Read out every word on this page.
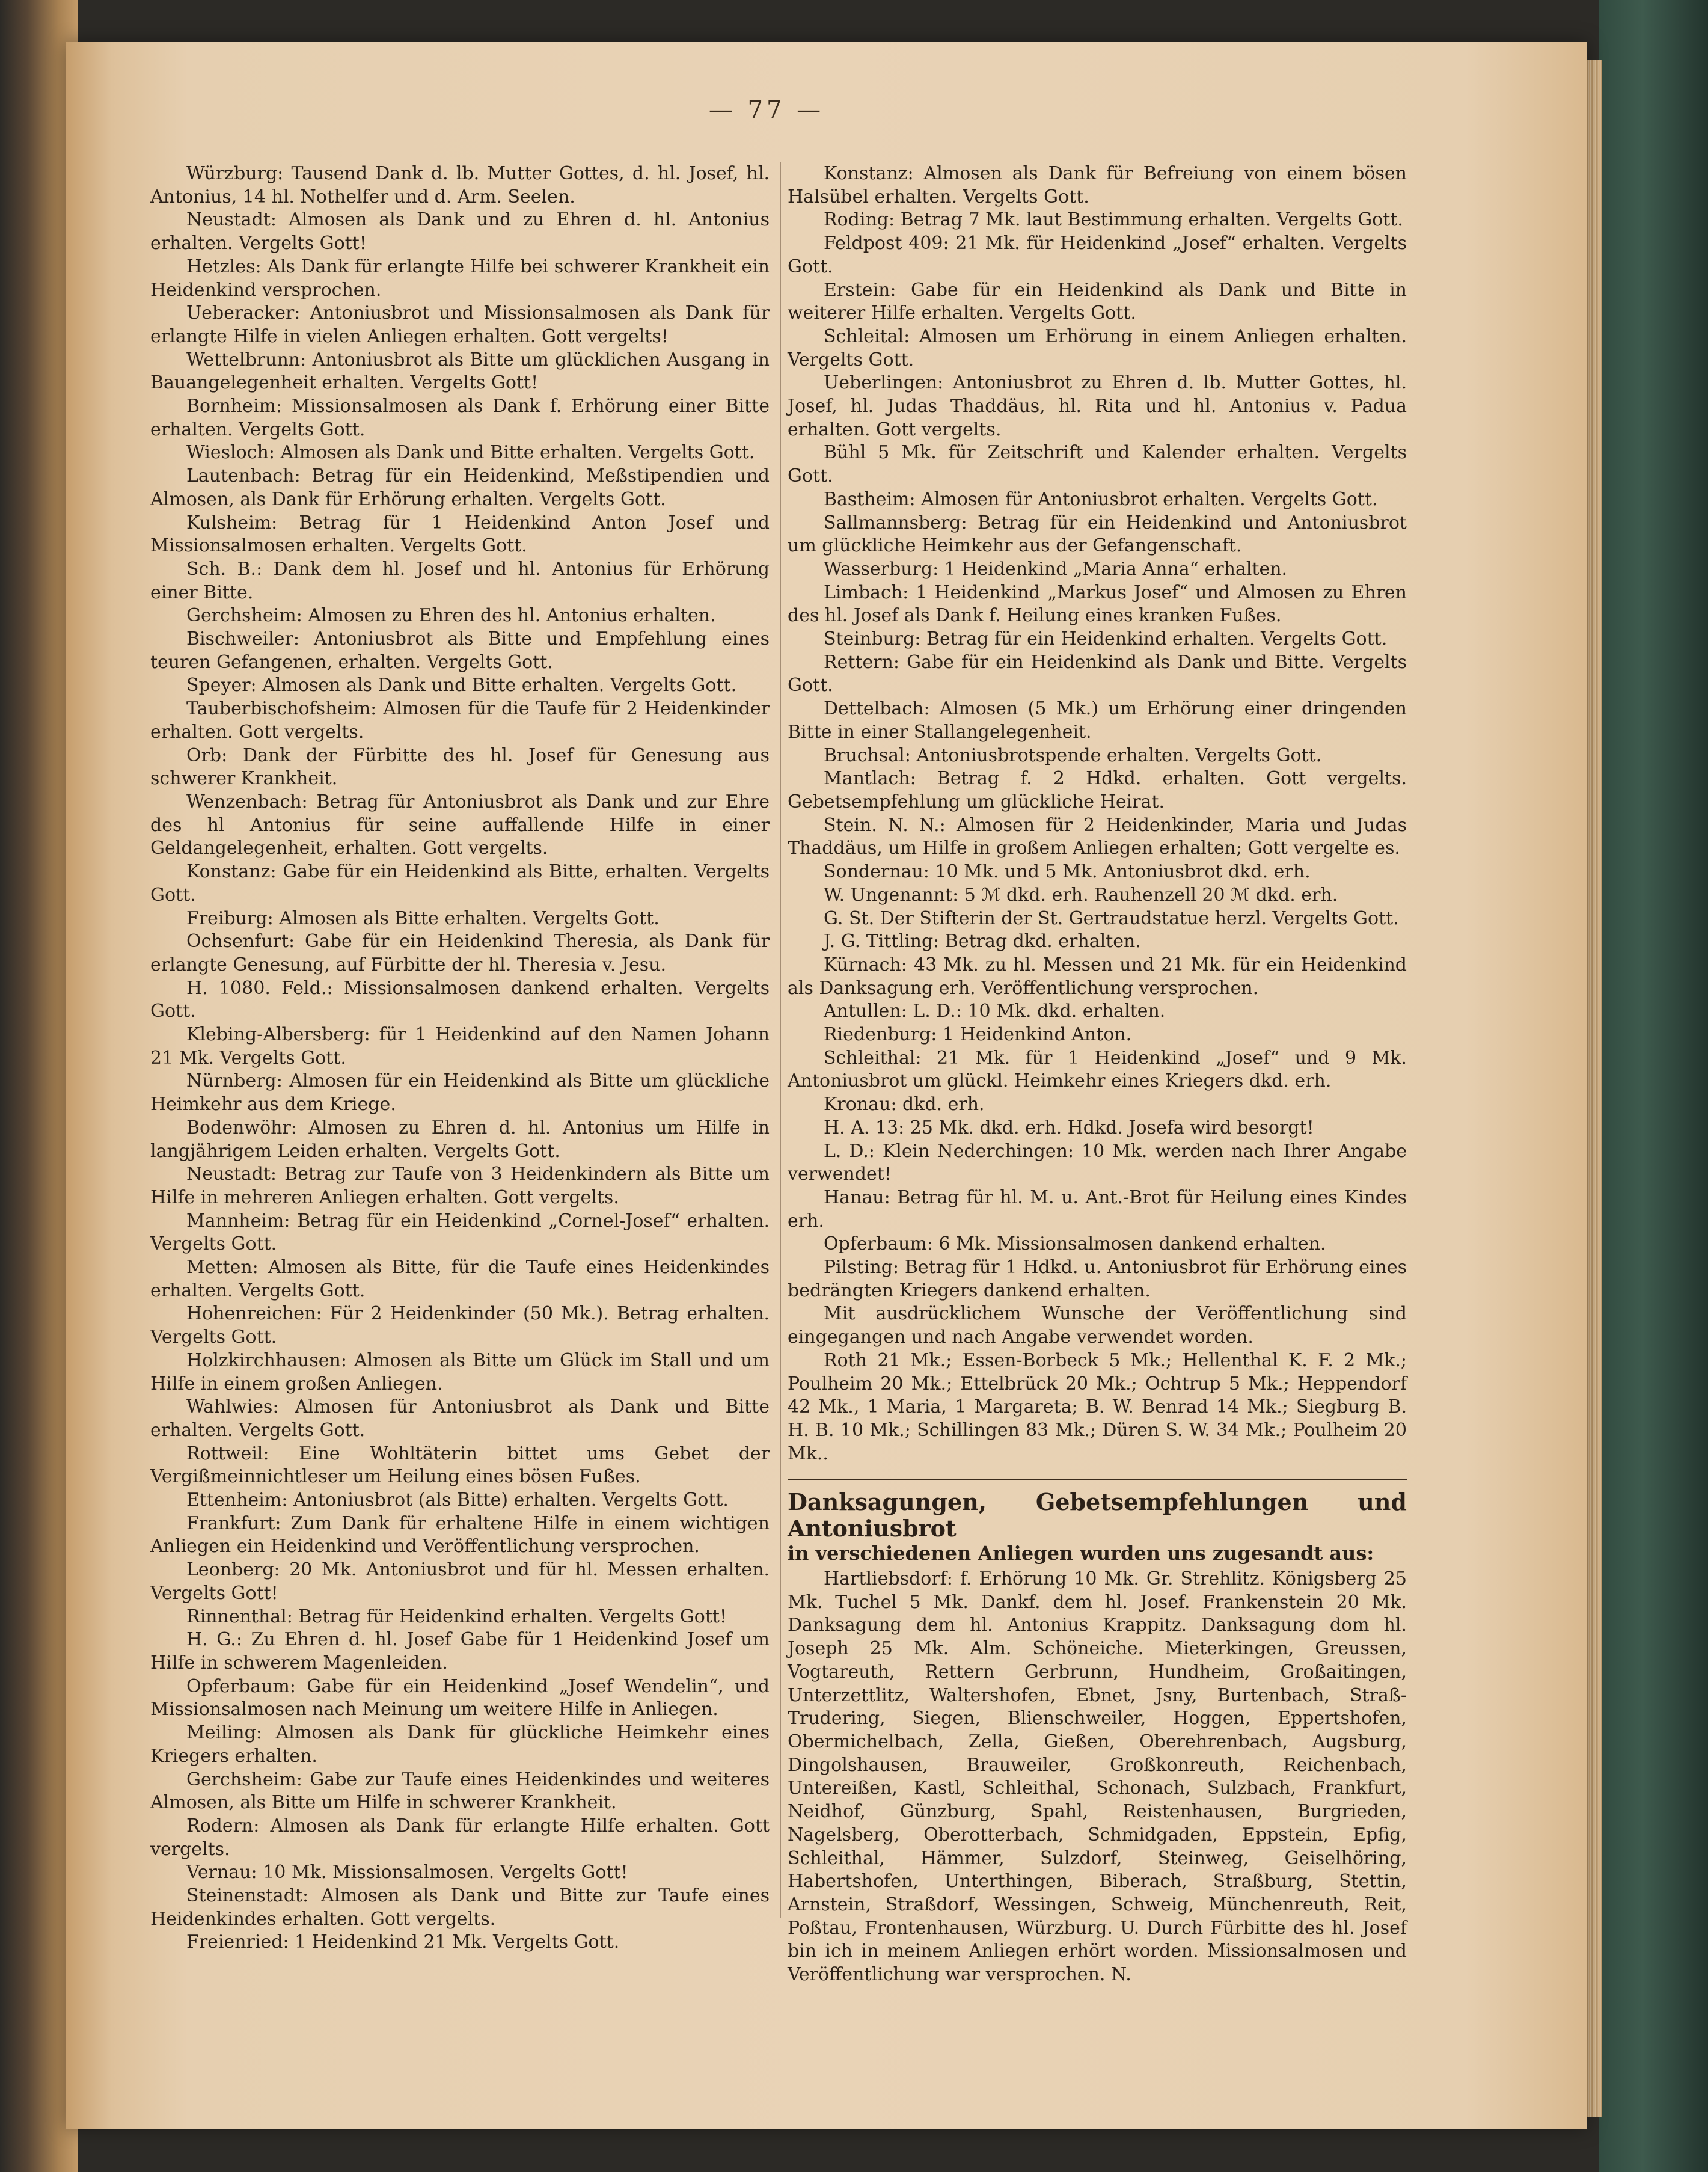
— 77 —

Würzburg: Tausend Dank d. lb. Mutter Gottes, d. hl. Josef, hl. Antonius, 14 hl. Nothelfer und d. Arm. Seelen.

Neustadt: Almosen als Dank und zu Ehren d. hl. Antonius erhalten. Vergelts Gott!

Hetzles: Als Dank für erlangte Hilfe bei schwerer Krankheit ein Heidenkind versprochen.

Ueberacker: Antoniusbrot und Missionsalmosen als Dank für erlangte Hilfe in vielen Anliegen erhalten. Gott vergelts!

Wettelbrunn: Antoniusbrot als Bitte um glücklichen Ausgang in Bauangelegenheit erhalten. Vergelts Gott!

Bornheim: Missionsalmosen als Dank f. Erhörung einer Bitte erhalten. Vergelts Gott.

Wiesloch: Almosen als Dank und Bitte erhalten. Vergelts Gott.

Lautenbach: Betrag für ein Heidenkind, Meßstipendien und Almosen, als Dank für Erhörung erhalten. Vergelts Gott.

Kulsheim: Betrag für 1 Heidenkind Anton Josef und Missionsalmosen erhalten. Vergelts Gott.

Sch. B.: Dank dem hl. Josef und hl. Antonius für Erhörung einer Bitte.

Gerchsheim: Almosen zu Ehren des hl. Antonius erhalten.

Bischweiler: Antoniusbrot als Bitte und Empfehlung eines teuren Gefangenen, erhalten. Vergelts Gott.

Speyer: Almosen als Dank und Bitte erhalten. Vergelts Gott.

Tauberbischofsheim: Almosen für die Taufe für 2 Heidenkinder erhalten. Gott vergelts.

Orb: Dank der Fürbitte des hl. Josef für Genesung aus schwerer Krankheit.

Wenzenbach: Betrag für Antoniusbrot als Dank und zur Ehre des hl Antonius für seine auffallende Hilfe in einer Geldangelegenheit, erhalten. Gott vergelts.

Konstanz: Gabe für ein Heidenkind als Bitte, erhalten. Vergelts Gott.

Freiburg: Almosen als Bitte erhalten. Vergelts Gott.

Ochsenfurt: Gabe für ein Heidenkind Theresia, als Dank für erlangte Genesung, auf Fürbitte der hl. Theresia v. Jesu.

H. 1080. Feld.: Missionsalmosen dankend erhalten. Vergelts Gott.

Klebing-Albersberg: für 1 Heidenkind auf den Namen Johann 21 Mk. Vergelts Gott.

Nürnberg: Almosen für ein Heidenkind als Bitte um glückliche Heimkehr aus dem Kriege.

Bodenwöhr: Almosen zu Ehren d. hl. Antonius um Hilfe in langjährigem Leiden erhalten. Vergelts Gott.

Neustadt: Betrag zur Taufe von 3 Heidenkindern als Bitte um Hilfe in mehreren Anliegen erhalten. Gott vergelts.

Mannheim: Betrag für ein Heidenkind „Cornel-Josef“ erhalten. Vergelts Gott.

Metten: Almosen als Bitte, für die Taufe eines Heidenkindes erhalten. Vergelts Gott.

Hohenreichen: Für 2 Heidenkinder (50 Mk.). Betrag erhalten. Vergelts Gott.

Holzkirchhausen: Almosen als Bitte um Glück im Stall und um Hilfe in einem großen Anliegen.

Wahlwies: Almosen für Antoniusbrot als Dank und Bitte erhalten. Vergelts Gott.

Rottweil: Eine Wohltäterin bittet ums Gebet der Vergißmeinnichtleser um Heilung eines bösen Fußes.

Ettenheim: Antoniusbrot (als Bitte) erhalten. Vergelts Gott.

Frankfurt: Zum Dank für erhaltene Hilfe in einem wichtigen Anliegen ein Heidenkind und Veröffentlichung versprochen.

Leonberg: 20 Mk. Antoniusbrot und für hl. Messen erhalten. Vergelts Gott!

Rinnenthal: Betrag für Heidenkind erhalten. Vergelts Gott!

H. G.: Zu Ehren d. hl. Josef Gabe für 1 Heidenkind Josef um Hilfe in schwerem Magenleiden.

Opferbaum: Gabe für ein Heidenkind „Josef Wendelin“, und Missionsalmosen nach Meinung um weitere Hilfe in Anliegen.

Meiling: Almosen als Dank für glückliche Heimkehr eines Kriegers erhalten.

Gerchsheim: Gabe zur Taufe eines Heidenkindes und weiteres Almosen, als Bitte um Hilfe in schwerer Krankheit.

Rodern: Almosen als Dank für erlangte Hilfe erhalten. Gott vergelts.

Vernau: 10 Mk. Missionsalmosen. Vergelts Gott!

Steinenstadt: Almosen als Dank und Bitte zur Taufe eines Heidenkindes erhalten. Gott vergelts.

Freienried: 1 Heidenkind 21 Mk. Vergelts Gott.

Konstanz: Almosen als Dank für Befreiung von einem bösen Halsübel erhalten. Vergelts Gott.

Roding: Betrag 7 Mk. laut Bestimmung erhalten. Vergelts Gott.

Feldpost 409: 21 Mk. für Heidenkind „Josef“ erhalten. Vergelts Gott.

Erstein: Gabe für ein Heidenkind als Dank und Bitte in weiterer Hilfe erhalten. Vergelts Gott.

Schleital: Almosen um Erhörung in einem Anliegen erhalten. Vergelts Gott.

Ueberlingen: Antoniusbrot zu Ehren d. lb. Mutter Gottes, hl. Josef, hl. Judas Thaddäus, hl. Rita und hl. Antonius v. Padua erhalten. Gott vergelts.

Bühl 5 Mk. für Zeitschrift und Kalender erhalten. Vergelts Gott.

Bastheim: Almosen für Antoniusbrot erhalten. Vergelts Gott.

Sallmannsberg: Betrag für ein Heidenkind und Antoniusbrot um glückliche Heimkehr aus der Gefangenschaft.

Wasserburg: 1 Heidenkind „Maria Anna“ erhalten.

Limbach: 1 Heidenkind „Markus Josef“ und Almosen zu Ehren des hl. Josef als Dank f. Heilung eines kranken Fußes.

Steinburg: Betrag für ein Heidenkind erhalten. Vergelts Gott.

Rettern: Gabe für ein Heidenkind als Dank und Bitte. Vergelts Gott.

Dettelbach: Almosen (5 Mk.) um Erhörung einer dringenden Bitte in einer Stallangelegenheit.

Bruchsal: Antoniusbrotspende erhalten. Vergelts Gott.

Mantlach: Betrag f. 2 Hdkd. erhalten. Gott vergelts. Gebetsempfehlung um glückliche Heirat.

Stein. N. N.: Almosen für 2 Heidenkinder, Maria und Judas Thaddäus, um Hilfe in großem Anliegen erhalten; Gott vergelte es.

Sondernau: 10 Mk. und 5 Mk. Antoniusbrot dkd. erh.

W. Ungenannt: 5 ℳ dkd. erh. Rauhenzell 20 ℳ dkd. erh.

G. St. Der Stifterin der St. Gertraudstatue herzl. Vergelts Gott.

J. G. Tittling: Betrag dkd. erhalten.

Kürnach: 43 Mk. zu hl. Messen und 21 Mk. für ein Heidenkind als Danksagung erh. Veröffentlichung versprochen.

Antullen: L. D.: 10 Mk. dkd. erhalten.

Riedenburg: 1 Heidenkind Anton.

Schleithal: 21 Mk. für 1 Heidenkind „Josef“ und 9 Mk. Antoniusbrot um glückl. Heimkehr eines Kriegers dkd. erh.

Kronau: dkd. erh.

H. A. 13: 25 Mk. dkd. erh. Hdkd. Josefa wird besorgt!

L. D.: Klein Nederchingen: 10 Mk. werden nach Ihrer Angabe verwendet!

Hanau: Betrag für hl. M. u. Ant.-Brot für Heilung eines Kindes erh.

Opferbaum: 6 Mk. Missionsalmosen dankend erhalten.

Pilsting: Betrag für 1 Hdkd. u. Antoniusbrot für Erhörung eines bedrängten Kriegers dankend erhalten.

Mit ausdrücklichem Wunsche der Veröffentlichung sind eingegangen und nach Angabe verwendet worden.

Roth 21 Mk.; Essen-Borbeck 5 Mk.; Hellenthal K. F. 2 Mk.; Poulheim 20 Mk.; Ettelbrück 20 Mk.; Ochtrup 5 Mk.; Heppendorf 42 Mk., 1 Maria, 1 Margareta; B. W. Benrad 14 Mk.; Siegburg B. H. B. 10 Mk.; Schillingen 83 Mk.; Düren S. W. 34 Mk.; Poulheim 20 Mk..

Danksagungen, Gebetsempfehlungen und Antoniusbrot

in verschiedenen Anliegen wurden uns zugesandt aus:

Hartliebsdorf: f. Erhörung 10 Mk. Gr. Strehlitz. Königsberg 25 Mk. Tuchel 5 Mk. Dankf. dem hl. Josef. Frankenstein 20 Mk. Danksagung dem hl. Antonius Krappitz. Danksagung dom hl. Joseph 25 Mk. Alm. Schöneiche. Mieterkingen, Greussen, Vogtareuth, Rettern Gerbrunn, Hundheim, Großaitingen, Unterzettlitz, Waltershofen, Ebnet, Jsny, Burtenbach, Straß-Trudering, Siegen, Blienschweiler, Hoggen, Eppertshofen, Obermichelbach, Zella, Gießen, Oberehrenbach, Augsburg, Dingolshausen, Brauweiler, Großkonreuth, Reichenbach, Untereißen, Kastl, Schleithal, Schonach, Sulzbach, Frankfurt, Neidhof, Günzburg, Spahl, Reistenhausen, Burgrieden, Nagelsberg, Oberotterbach, Schmidgaden, Eppstein, Epfig, Schleithal, Hämmer, Sulzdorf, Steinweg, Geiselhöring, Habertshofen, Unterthingen, Biberach, Straßburg, Stettin, Arnstein, Straßdorf, Wessingen, Schweig, Münchenreuth, Reit, Poßtau, Frontenhausen, Würzburg. U. Durch Fürbitte des hl. Josef bin ich in meinem Anliegen erhört worden. Missionsalmosen und Veröffentlichung war versprochen. N.
